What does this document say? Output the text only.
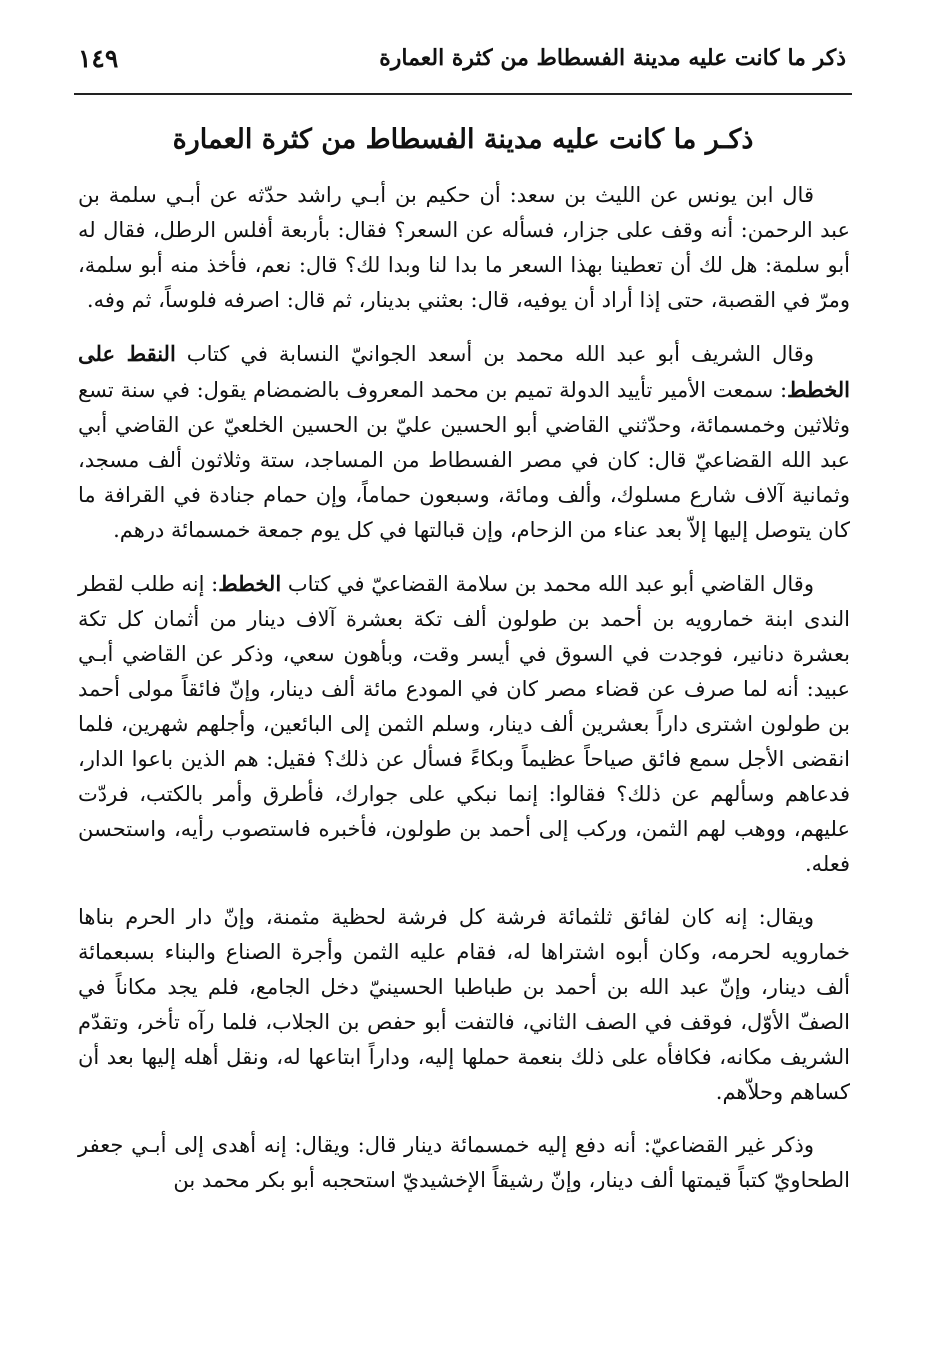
ذكر ما كانت عليه مدينة الفسطاط من كثرة العمارة
١٤٩
ذكـر ما كانت عليه مدينة الفسطاط من كثرة العمارة

قال ابن يونس عن الليث بن سعد: أن حكيم بن أبـي راشد حدّثه عن أبـي سلمة بن عبد الرحمن: أنه وقف على جزار، فسأله عن السعر؟ فقال: بأربعة أفلس الرطل، فقال له أبو سلمة: هل لك أن تعطينا بهذا السعر ما بدا لنا وبدا لك؟ قال: نعم، فأخذ منه أبو سلمة، ومرّ في القصبة، حتى إذا أراد أن يوفيه، قال: بعثني بدينار، ثم قال: اصرفه فلوساً، ثم وفه.

وقال الشريف أبو عبد الله محمد بن أسعد الجوانيّ النسابة في كتاب النقط على الخطط: سمعت الأمير تأييد الدولة تميم بن محمد المعروف بالضمضام يقول: في سنة تسع وثلاثين وخمسمائة، وحدّثني القاضي أبو الحسين عليّ بن الحسين الخلعيّ عن القاضي أبي عبد الله القضاعيّ قال: كان في مصر الفسطاط من المساجد، ستة وثلاثون ألف مسجد، وثمانية آلاف شارع مسلوك، وألف ومائة، وسبعون حماماً، وإن حمام جنادة في القرافة ما كان يتوصل إليها إلاّ بعد عناء من الزحام، وإن قبالتها في كل يوم جمعة خمسمائة درهم.

وقال القاضي أبو عبد الله محمد بن سلامة القضاعيّ في كتاب الخطط: إنه طلب لقطر الندى ابنة خمارويه بن أحمد بن طولون ألف تكة بعشرة آلاف دينار من أثمان كل تكة بعشرة دنانير، فوجدت في السوق في أيسر وقت، وبأهون سعي، وذكر عن القاضي أبـي عبيد: أنه لما صرف عن قضاء مصر كان في المودع مائة ألف دينار، وإنّ فائقاً مولى أحمد بن طولون اشترى داراً بعشرين ألف دينار، وسلم الثمن إلى البائعين، وأجلهم شهرين، فلما انقضى الأجل سمع فائق صياحاً عظيماً وبكاءً فسأل عن ذلك؟ فقيل: هم الذين باعوا الدار، فدعاهم وسألهم عن ذلك؟ فقالوا: إنما نبكي على جوارك، فأطرق وأمر بالكتب، فردّت عليهم، ووهب لهم الثمن، وركب إلى أحمد بن طولون، فأخبره فاستصوب رأيه، واستحسن فعله.

ويقال: إنه كان لفائق ثلثمائة فرشة كل فرشة لحظية مثمنة، وإنّ دار الحرم بناها خمارويه لحرمه، وكان أبوه اشتراها له، فقام عليه الثمن وأجرة الصناع والبناء بسبعمائة ألف دينار، وإنّ عبد الله بن أحمد بن طباطبا الحسينيّ دخل الجامع، فلم يجد مكاناً في الصفّ الأوّل، فوقف في الصف الثاني، فالتفت أبو حفص بن الجلاب، فلما رآه تأخر، وتقدّم الشريف مكانه، فكافأه على ذلك بنعمة حملها إليه، وداراً ابتاعها له، ونقل أهله إليها بعد أن كساهم وحلاّهم.

وذكر غير القضاعيّ: أنه دفع إليه خمسمائة دينار قال: ويقال: إنه أهدى إلى أبـي جعفر الطحاويّ كتباً قيمتها ألف دينار، وإنّ رشيقاً الإخشيديّ استحجبه أبو بكر محمد بن
